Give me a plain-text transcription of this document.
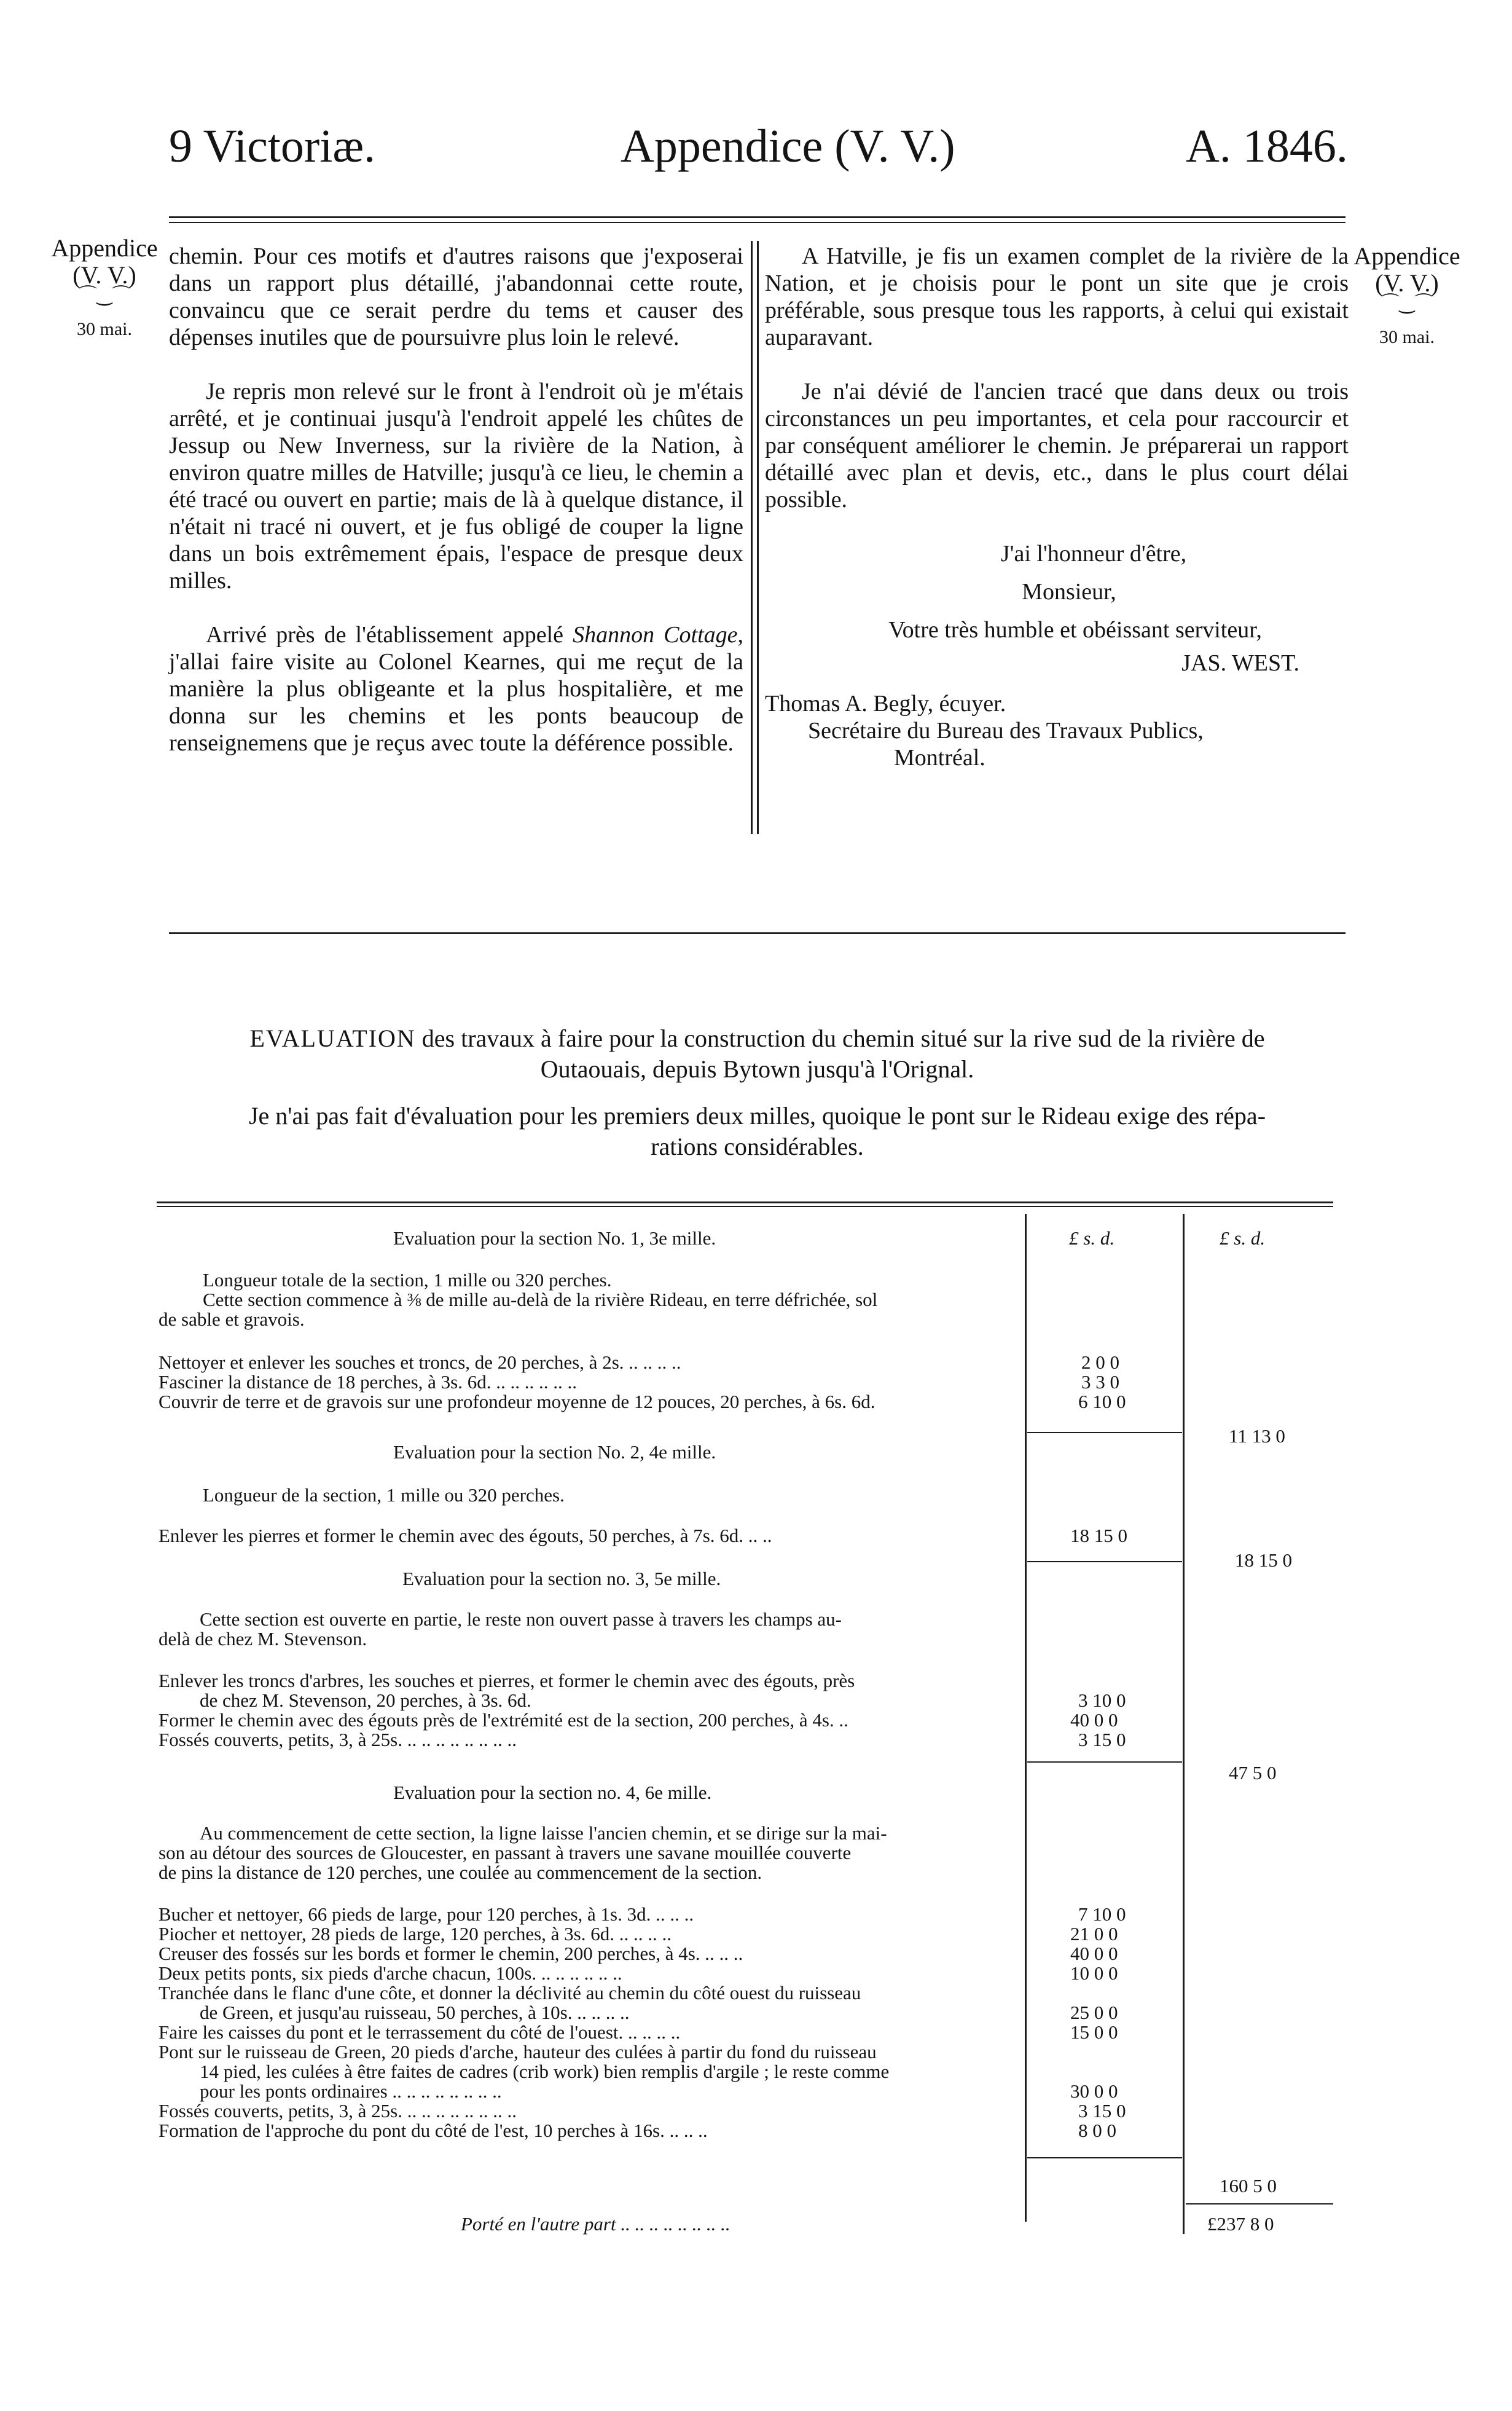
9 Victoriæ.	Appendice (V. V.)	A. 1846.
Appendice
(V. V.)
⌒‿⌒
30 mai.
Appendice
(V. V.)
⌒‿⌒
30 mai.

chemin. Pour ces motifs et d'autres raisons que j'exposerai dans un rapport plus détaillé, j'abandonnai cette route, convaincu que ce serait perdre du tems et causer des dépenses inutiles que de poursuivre plus loin le relevé.

Je repris mon relevé sur le front à l'endroit où je m'étais arrêté, et je continuai jusqu'à l'endroit appelé les chûtes de Jessup ou New Inverness, sur la rivière de la Nation, à environ quatre milles de Hatville; jusqu'à ce lieu, le chemin a été tracé ou ouvert en partie; mais de là à quelque distance, il n'était ni tracé ni ouvert, et je fus obligé de couper la ligne dans un bois extrêmement épais, l'espace de presque deux milles.

Arrivé près de l'établissement appelé Shannon Cottage, j'allai faire visite au Colonel Kearnes, qui me reçut de la manière la plus obligeante et la plus hospitalière, et me donna sur les chemins et les ponts beaucoup de renseignemens que je reçus avec toute la déférence possible.

A Hatville, je fis un examen complet de la rivière de la Nation, et je choisis pour le pont un site que je crois préférable, sous presque tous les rapports, à celui qui existait auparavant.

Je n'ai dévié de l'ancien tracé que dans deux ou trois circonstances un peu importantes, et cela pour raccourcir et par conséquent améliorer le chemin. Je préparerai un rapport détaillé avec plan et devis, etc., dans le plus court délai possible.

J'ai l'honneur d'être,
Monsieur,
Votre très humble et obéissant serviteur,
JAS. WEST.
Thomas A. Begly, écuyer.
Secrétaire du Bureau des Travaux Publics,
Montréal.
EVALUATION des travaux à faire pour la construction du chemin situé sur la rive sud de la rivière de
Outaouais, depuis Bytown jusqu'à l'Orignal.
Je n'ai pas fait d'évaluation pour les premiers deux milles, quoique le pont sur le Rideau exige des répa-
rations considérables.
£ s. d.	£ s. d.
Evaluation pour la section No. 1, 3e mille.
Longueur totale de la section, 1 mille ou 320 perches.
Cette section commence à ⅜ de mille au-delà de la rivière Rideau, en terre défrichée, sol
de sable et gravois.
Nettoyer et enlever les souches et troncs, de 20 perches, à 2s. .. .. .. ..	2 0 0
Fasciner la distance de 18 perches, à 3s. 6d. .. .. .. .. .. ..	3 3 0
Couvrir de terre et de gravois sur une profondeur moyenne de 12 pouces, 20 perches, à 6s. 6d.	6 10 0
11 13 0
Evaluation pour la section No. 2, 4e mille.
Longueur de la section, 1 mille ou 320 perches.
Enlever les pierres et former le chemin avec des égouts, 50 perches, à 7s. 6d. .. ..	18 15 0
18 15 0
Evaluation pour la section no. 3, 5e mille.
Cette section est ouverte en partie, le reste non ouvert passe à travers les champs au-
delà de chez M. Stevenson.
Enlever les troncs d'arbres, les souches et pierres, et former le chemin avec des égouts, près
de chez M. Stevenson, 20 perches, à 3s. 6d.	3 10 0
Former le chemin avec des égouts près de l'extrémité est de la section, 200 perches, à 4s. ..	40 0 0
Fossés couverts, petits, 3, à 25s. .. .. .. .. .. .. .. ..	3 15 0
47 5 0
Evaluation pour la section no. 4, 6e mille.
Au commencement de cette section, la ligne laisse l'ancien chemin, et se dirige sur la mai-
son au détour des sources de Gloucester, en passant à travers une savane mouillée couverte
de pins la distance de 120 perches, une coulée au commencement de la section.
Bucher et nettoyer, 66 pieds de large, pour 120 perches, à 1s. 3d. .. .. ..	7 10 0
Piocher et nettoyer, 28 pieds de large, 120 perches, à 3s. 6d. .. .. .. ..	21 0 0
Creuser des fossés sur les bords et former le chemin, 200 perches, à 4s. .. .. ..	40 0 0
Deux petits ponts, six pieds d'arche chacun, 100s. .. .. .. .. .. ..	10 0 0
Tranchée dans le flanc d'une côte, et donner la déclivité au chemin du côté ouest du ruisseau
de Green, et jusqu'au ruisseau, 50 perches, à 10s. .. .. .. ..	25 0 0
Faire les caisses du pont et le terrassement du côté de l'ouest. .. .. .. ..	15 0 0
Pont sur le ruisseau de Green, 20 pieds d'arche, hauteur des culées à partir du fond du ruisseau
14 pied, les culées à être faites de cadres (crib work) bien remplis d'argile ; le reste comme
pour les ponts ordinaires .. .. .. .. .. .. .. ..	30 0 0
Fossés couverts, petits, 3, à 25s. .. .. .. .. .. .. .. ..	3 15 0
Formation de l'approche du pont du côté de l'est, 10 perches à 16s. .. .. ..	8 0 0
160 5 0
Porté en l'autre part .. .. .. .. .. .. .. ..	£237 8 0
